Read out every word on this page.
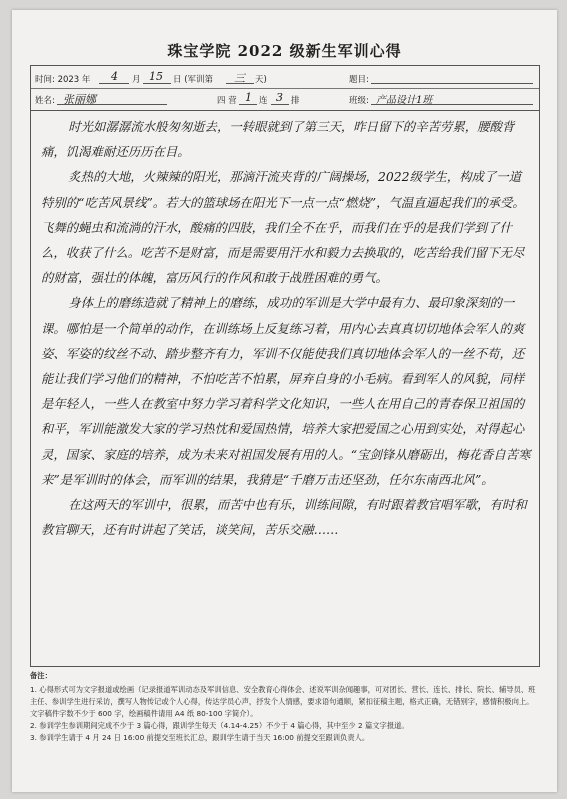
珠宝学院 2022 级新生军训心得
时间: 2023 年 4 月 15 日 (军训第 三 天)	题目:
姓名: 张丽娜	四 营 1 连 3 排	班级: 产品设计1班

时光如潺潺流水般匆匆逝去，一转眼就到了第三天，昨日留下的辛苦劳累，腰酸背痛，饥渴难耐还历历在目。

炙热的大地，火辣辣的阳光，那滴汗流夹背的广阔操场，2022级学生，构成了一道特别的“吃苦风景线”。若大的篮球场在阳光下一点一点“燃烧”，气温直逼起我们的承受。飞舞的蝇虫和流淌的汗水，酸痛的四肢，我们全不在乎，而我们在乎的是我们学到了什么，收获了什么。吃苦不是财富，而是需要用汗水和毅力去换取的，吃苦给我们留下无尽的财富，强壮的体魄，富历风行的作风和敢于战胜困难的勇气。

身体上的磨练造就了精神上的磨练，成功的军训是大学中最有力、最印象深刻的一课。哪怕是一个简单的动作，在训练场上反复练习着，用内心去真真切切地体会军人的爽姿、军姿的纹丝不动、踏步整齐有力，军训不仅能使我们真切地体会军人的一丝不苟，还能让我们学习他们的精神，不怕吃苦不怕累，屏弃自身的小毛病。看到军人的风貌，同样是年轻人，一些人在教室中努力学习着科学文化知识，一些人在用自己的青春保卫祖国的和平，军训能激发大家的学习热忱和爱国热情，培养大家把爱国之心用到实处，对得起心灵，国家、家庭的培养，成为未来对祖国发展有用的人。“宝剑锋从磨砺出，梅花香自苦寒来”是军训时的体会，而军训的结果，我猜是“千磨万击还坚劲，任尔东南西北风”。

在这两天的军训中，很累，而苦中也有乐，训练间隙，有时跟着教官唱军歌，有时和教官聊天，还有时讲起了笑话，谈笑间，苦乐交融……

备注：

1. 心得形式可为文字报道或绘画（记录报道军训动态及军训信息、安全教育心得体会、述说军训杂闻趣事，可对团长、营长、连长、排长、院长、辅导员、班主任、参训学生进行采访，撰写人物传记或个人心得，传达学员心声，抒发个人情感，要求语句通顺，紧扣征稿主题，格式正确，无错别字，感情积极向上。文字稿件字数不少于 600 字，绘画稿件请用 A4 纸 80-100 字简介）。

2. 参训学生参训期间完成不少于 3 篇心得，跟训学生每天（4.14-4.25）不少于 4 篇心得，其中至少 2 篇文字报道。

3. 参训学生请于 4 月 24 日 16:00 前提交至班长汇总，跟训学生请于当天 16:00 前提交至跟训负责人。
